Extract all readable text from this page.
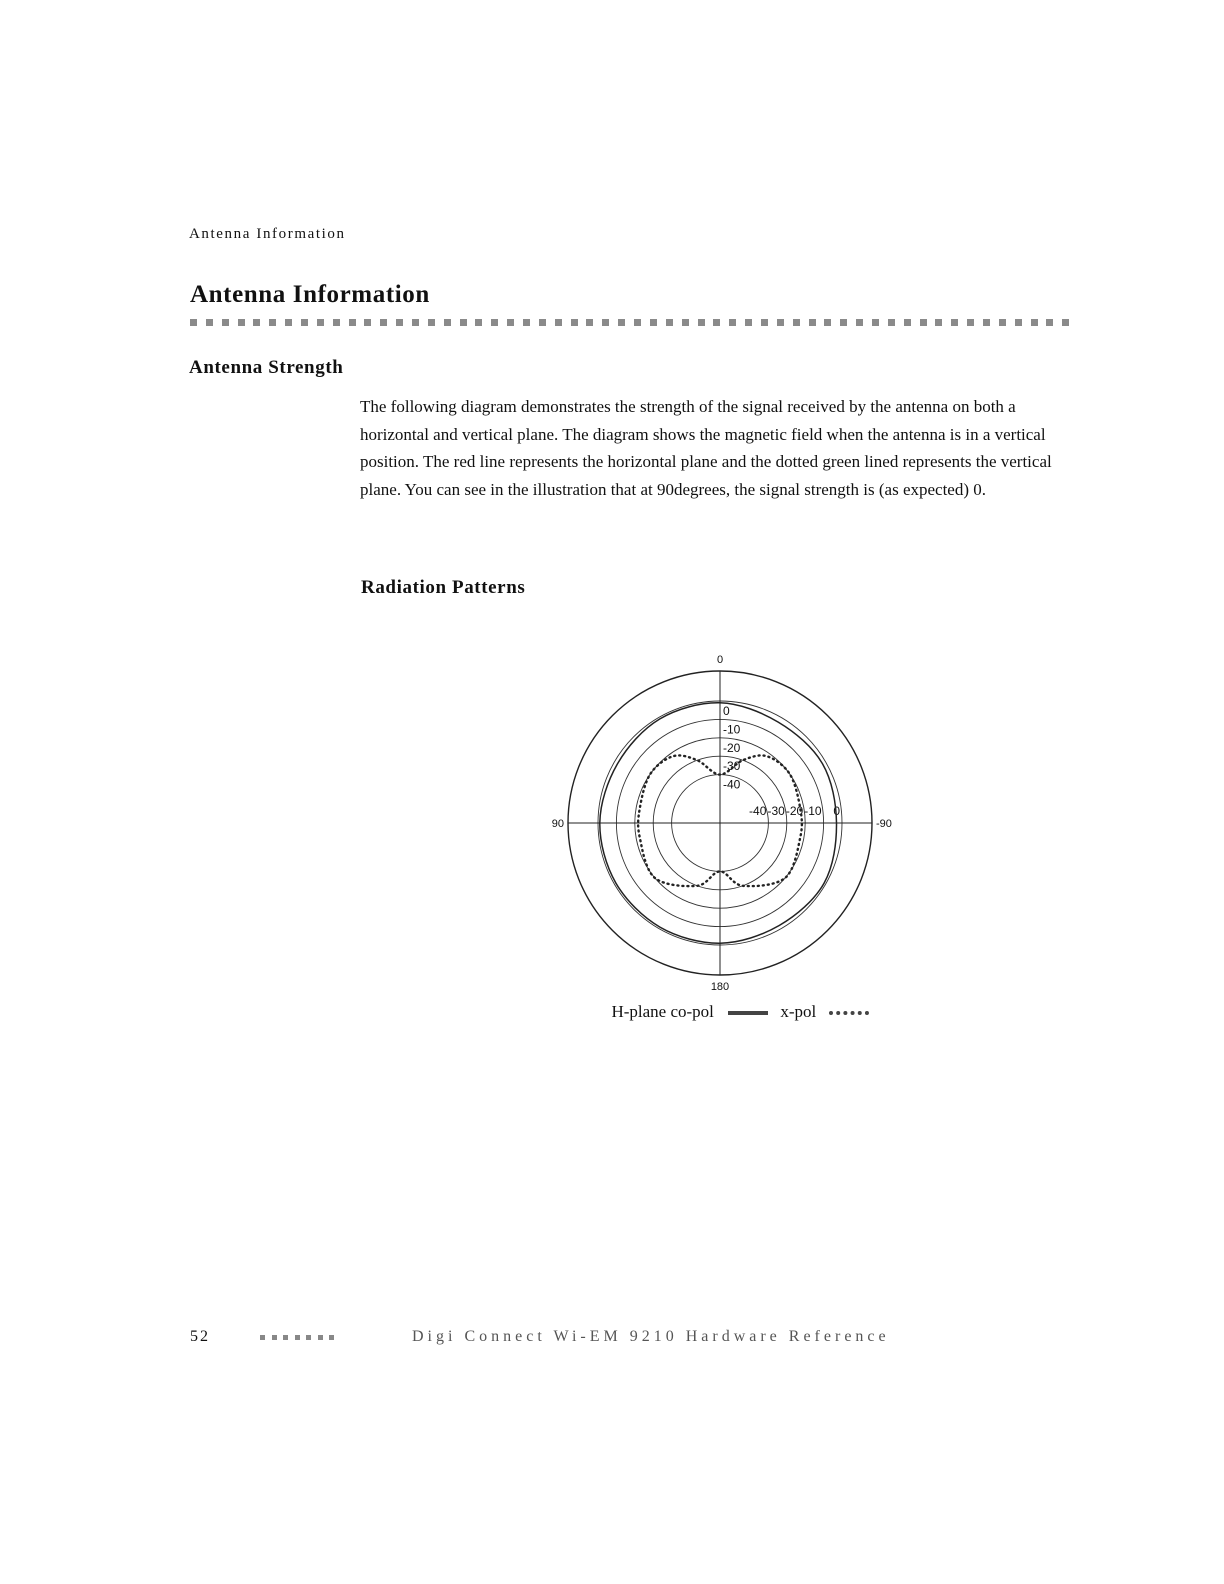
Antenna Information
Antenna Information
Antenna Strength

The following diagram demonstrates the strength of the signal received by the antenna on both a horizontal and vertical plane. The diagram shows the magnetic field when the antenna is in a vertical position. The red line represents the horizontal plane and the dotted green lined represents the vertical plane. You can see in the illustration that at 90degrees, the signal strength is (as expected) 0.

Radiation Patterns
0
90	-90
180
0
-10
-20
-30
-40
-40 -30 -20 -10 0
H-plane co-pol	x-pol
52	Digi Connect Wi-EM 9210 Hardware Reference
